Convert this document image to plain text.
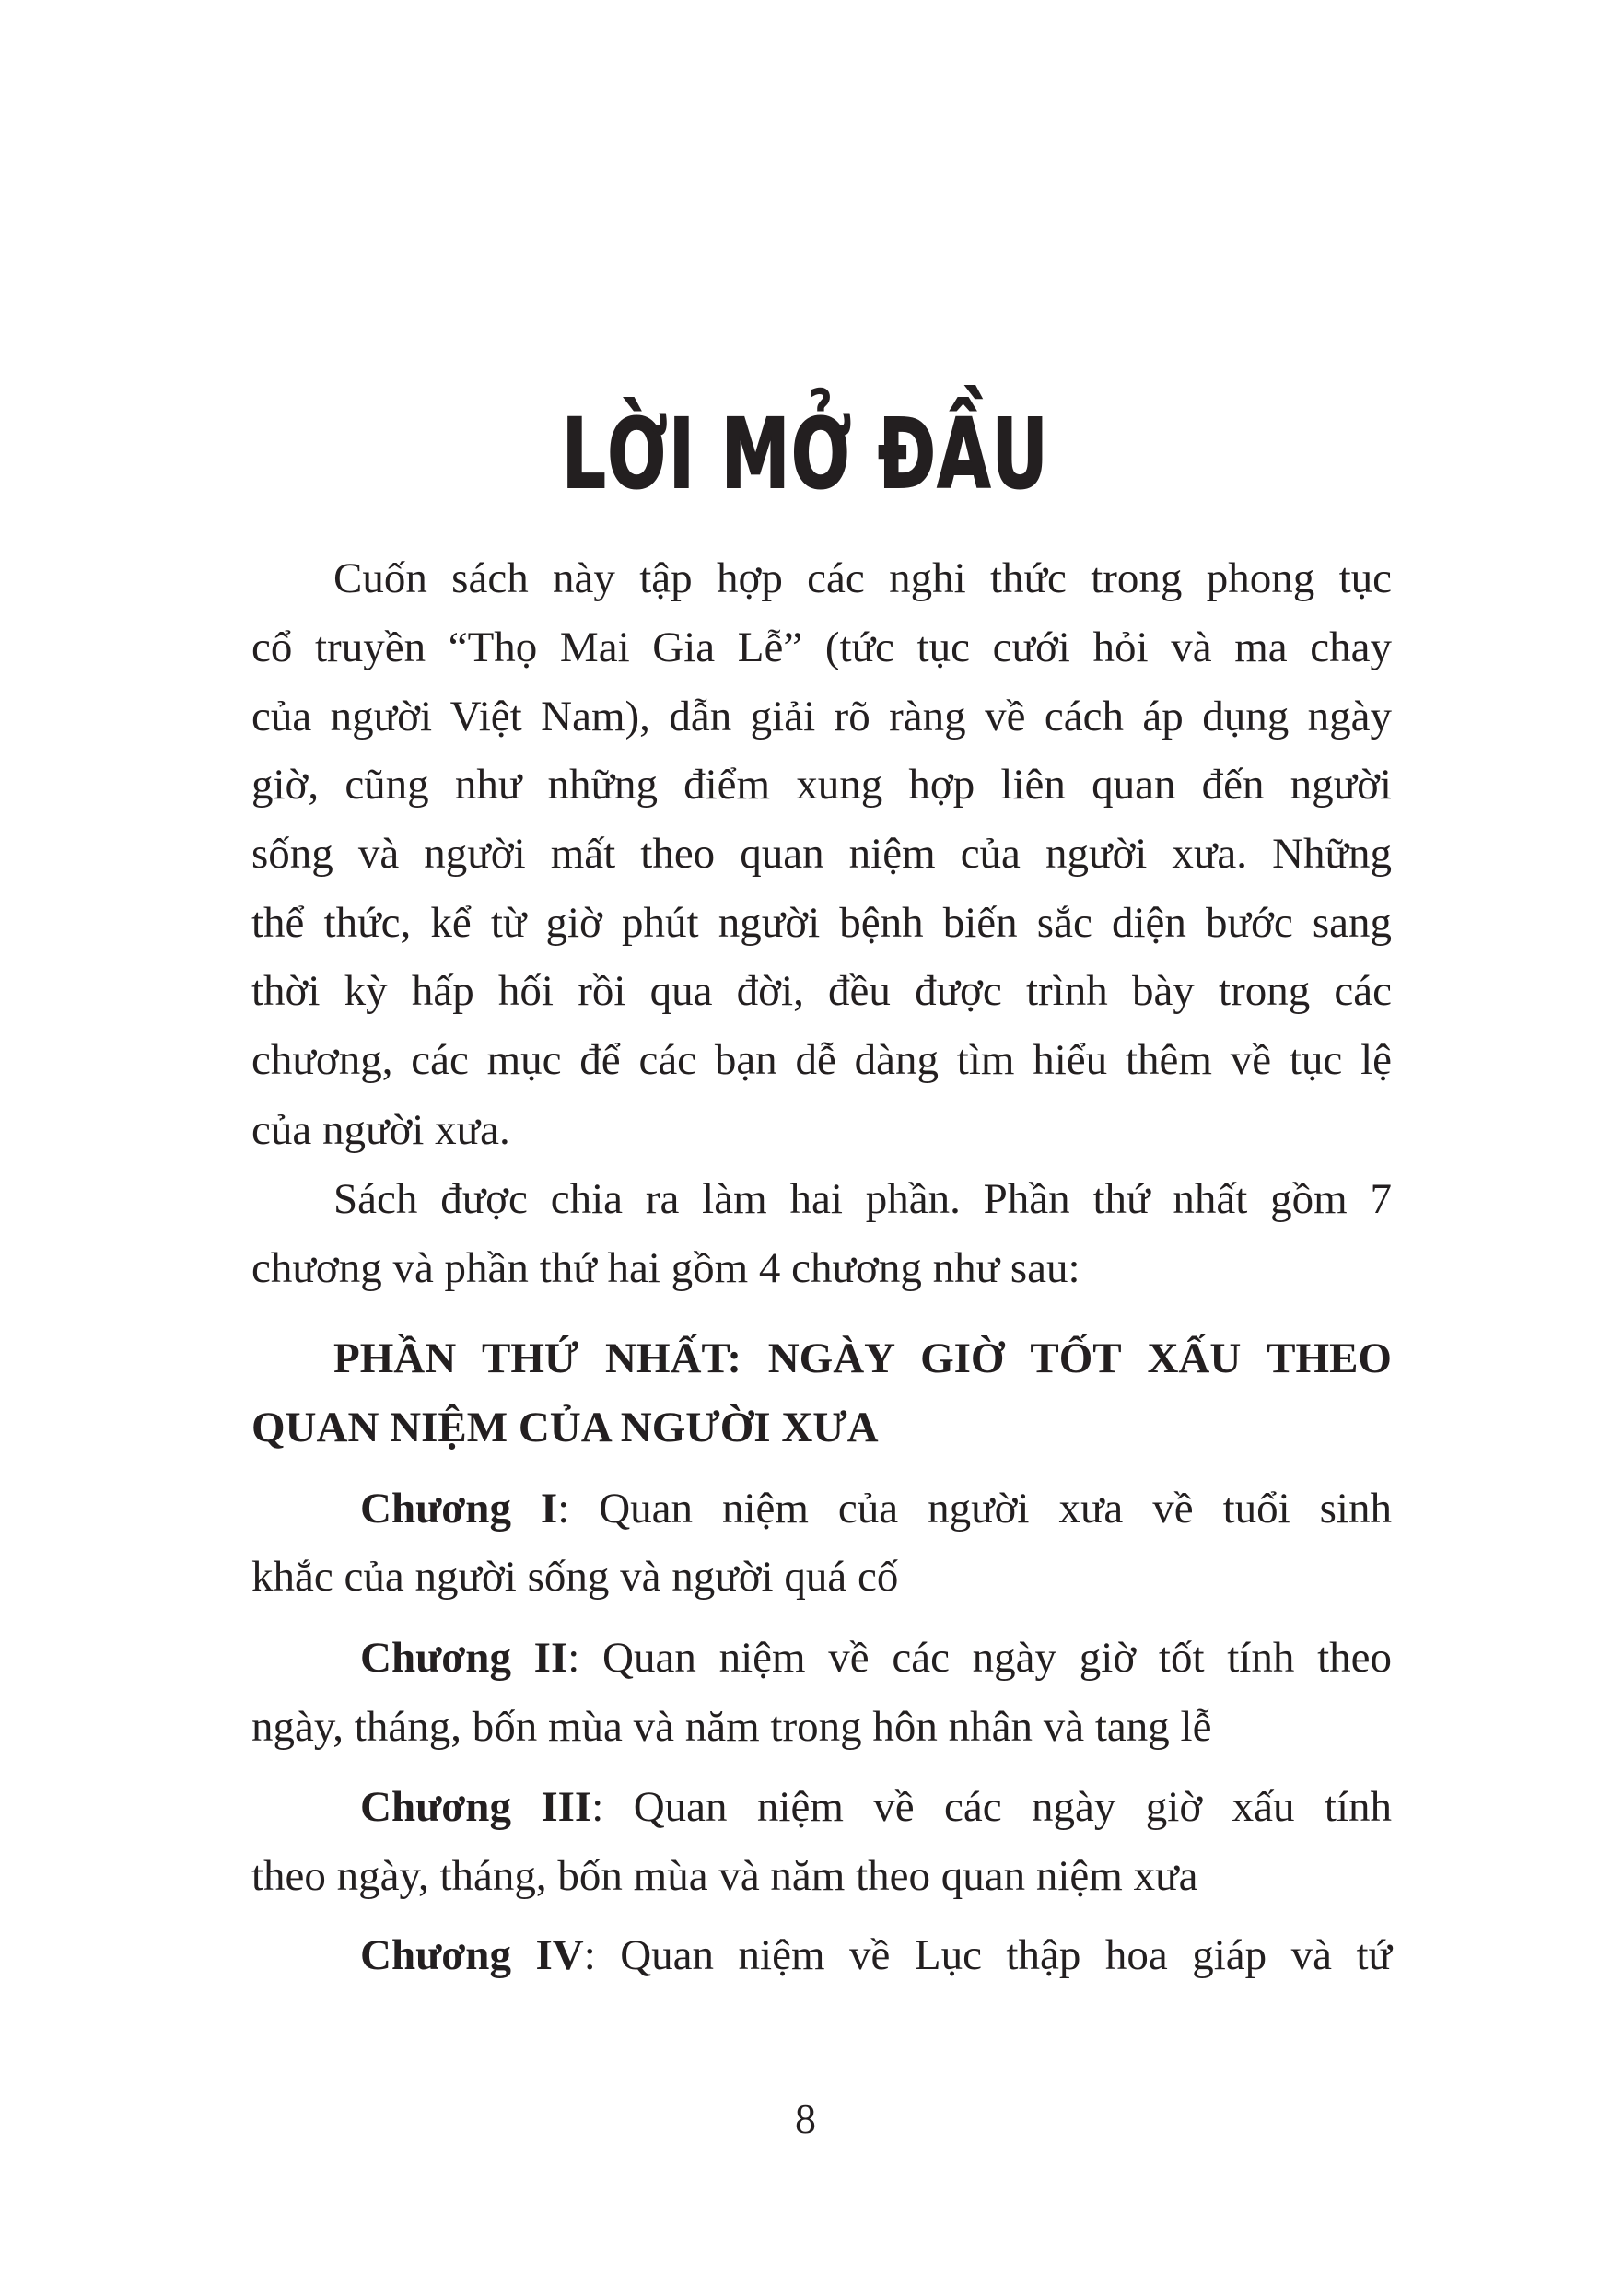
LỜI MỞ ĐẦU
Cuốn sách này tập hợp các nghi thức trong phong tục
cổ truyền “Thọ Mai Gia Lễ” (tức tục cưới hỏi và ma chay
của người Việt Nam), dẫn giải rõ ràng về cách áp dụng ngày
giờ, cũng như những điểm xung hợp liên quan đến người
sống và người mất theo quan niệm của người xưa. Những
thể thức, kể từ giờ phút người bệnh biến sắc diện bước sang
thời kỳ hấp hối rồi qua đời, đều được trình bày trong các
chương, các mục để các bạn dễ dàng tìm hiểu thêm về tục lệ
của người xưa.
Sách được chia ra làm hai phần. Phần thứ nhất gồm 7
chương và phần thứ hai gồm 4 chương như sau:
PHẦN THỨ NHẤT: NGÀY GIỜ TỐT XẤU THEO
QUAN NIỆM CỦA NGƯỜI XƯA
Chương I: Quan niệm của người xưa về tuổi sinh
khắc của người sống và người quá cố
Chương II: Quan niệm về các ngày giờ tốt tính theo
ngày, tháng, bốn mùa và năm trong hôn nhân và tang lễ
Chương III: Quan niệm về các ngày giờ xấu tính
theo ngày, tháng, bốn mùa và năm theo quan niệm xưa
Chương IV: Quan niệm về Lục thập hoa giáp và tứ
8
